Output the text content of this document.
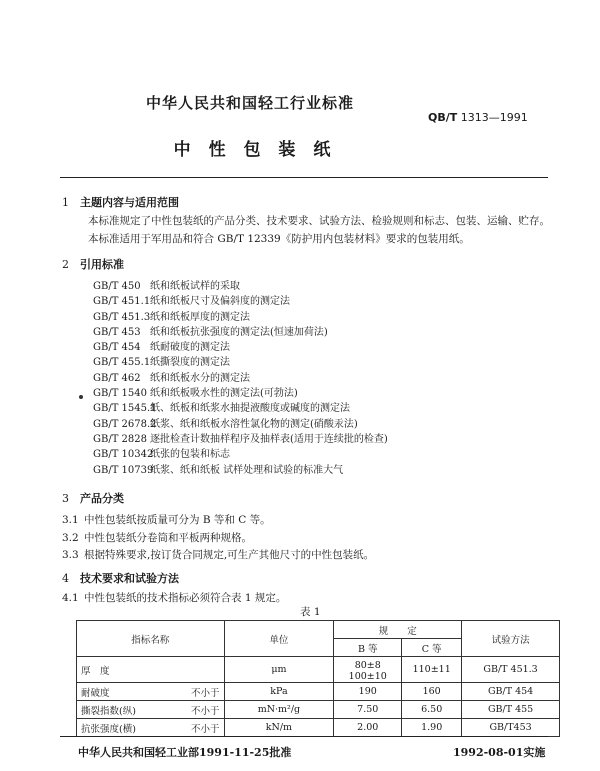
中华人民共和国轻工行业标准
QB/T 1313—1991
中 性 包 装 纸
1 主题内容与适用范围
本标准规定了中性包装纸的产品分类、技术要求、试验方法、检验规则和标志、包装、运输、贮存。
本标准适用于军用品和符合 GB/T 12339《防护用内包装材料》要求的包装用纸。
2 引用标准
GB/T 450 纸和纸板试样的采取
GB/T 451.1纸和纸板尺寸及偏斜度的测定法
GB/T 451.3纸和纸板厚度的测定法
GB/T 453 纸和纸板抗张强度的测定法(恒速加荷法)
GB/T 454 纸耐破度的测定法
GB/T 455.1纸撕裂度的测定法
GB/T 462 纸和纸板水分的测定法
GB/T 1540 纸和纸板吸水性的测定法(可勃法)
GB/T 1545.1纸、纸板和纸浆水抽提液酸度或碱度的测定法
GB/T 2678.2纸浆、纸和纸板水溶性氯化物的测定(硝酸汞法)
GB/T 2828 逐批检查计数抽样程序及抽样表(适用于连续批的检查)
GB/T 10342纸张的包装和标志
GB/T 10739纸浆、纸和纸板 试样处理和试验的标准大气
3 产品分类
3.1 中性包装纸按质量可分为 B 等和 C 等。
3.2 中性包装纸分卷筒和平板两种规格。
3.3 根据特殊要求,按订货合同规定,可生产其他尺寸的中性包装纸。
4 技术要求和试验方法
4.1 中性包装纸的技术指标必须符合表 1 规定。
表 1
指标名称	单位	规　　定		试验方法
		B 等	C 等	
厚　度	μm	80±8　100±10	110±11	GB/T 451.3
耐破度 不小于	kPa	190	160	GB/T 454
撕裂指数(纵) 不小于	mN·m²/g	7.50	6.50	GB/T 455
抗张强度(横) 不小于	kN/m	2.00	1.90	GB/T453
中华人民共和国轻工业部1991-11-25批准	1992-08-01实施
